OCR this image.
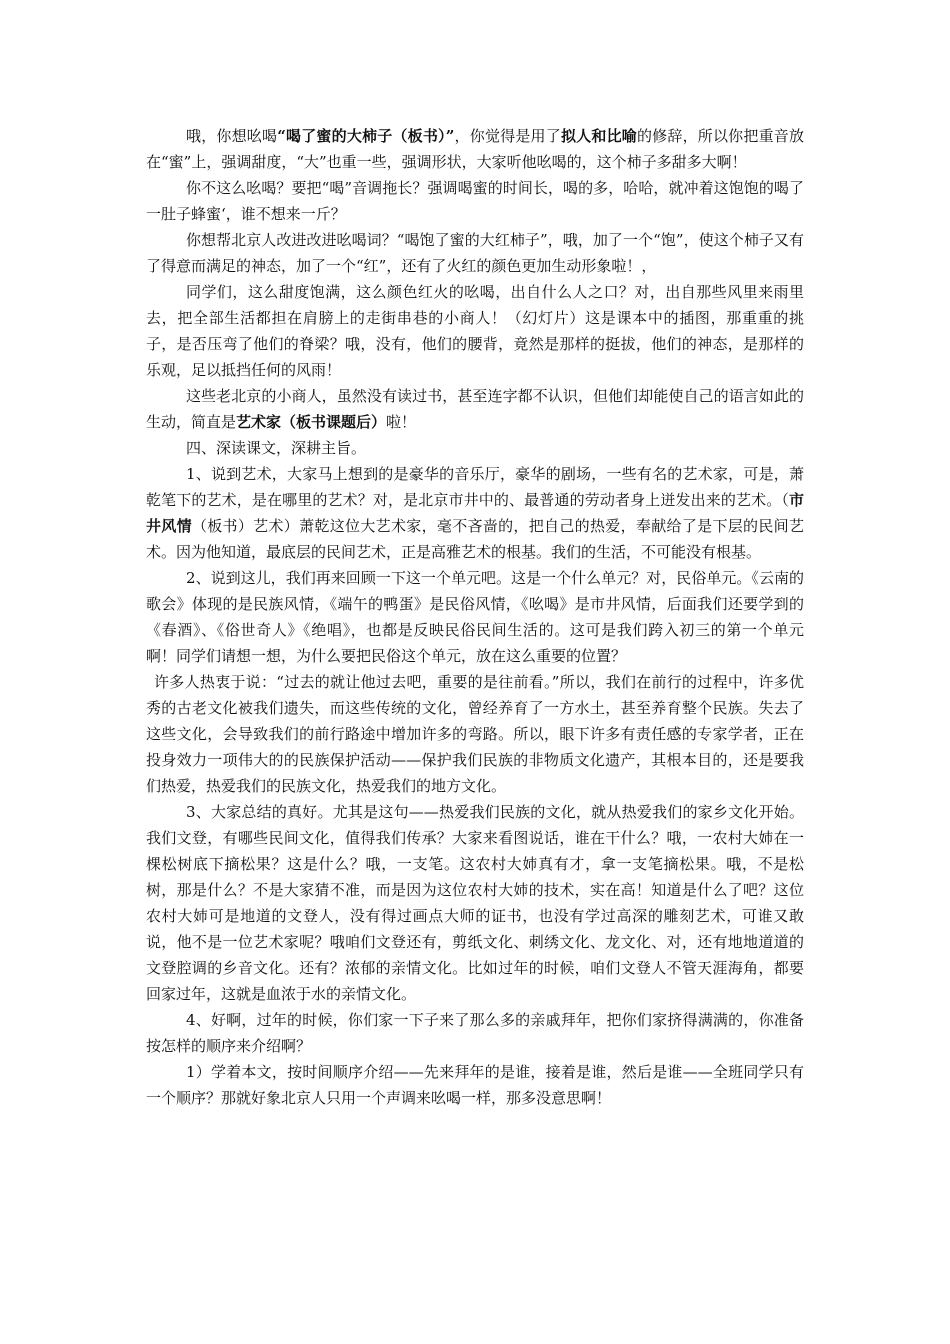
哦，你想吆喝“喝了蜜的大柿子（板书）”，你觉得是用了拟人和比喻的修辞，所以你把重音放在“蜜”上，强调甜度，“大”也重一些，强调形状，大家听他吆喝的，这个柿子多甜多大啊！

你不这么吆喝？要把“喝”音调拖长？强调喝蜜的时间长，喝的多，哈哈，就冲着这饱饱的喝了一肚子蜂蜜‘，谁不想来一斤？

你想帮北京人改进改进吆喝词？“喝饱了蜜的大红柿子”，哦，加了一个“饱”，使这个柿子又有了得意而满足的神态，加了一个“红”，还有了火红的颜色更加生动形象啦！，

同学们，这么甜度饱满，这么颜色红火的吆喝，出自什么人之口？对，出自那些风里来雨里去，把全部生活都担在肩膀上的走街串巷的小商人！（幻灯片）这是课本中的插图，那重重的挑子，是否压弯了他们的脊梁？哦，没有，他们的腰背，竟然是那样的挺拔，他们的神态，是那样的乐观，足以抵挡任何的风雨！

这些老北京的小商人，虽然没有读过书，甚至连字都不认识，但他们却能使自己的语言如此的生动，简直是艺术家（板书课题后）啦！

四、深读课文，深耕主旨。

1、说到艺术，大家马上想到的是豪华的音乐厅，豪华的剧场，一些有名的艺术家，可是，萧乾笔下的艺术，是在哪里的艺术？对，是北京市井中的、最普通的劳动者身上迸发出来的艺术。（市井风情（板书）艺术）萧乾这位大艺术家，毫不吝啬的，把自己的热爱，奉献给了是下层的民间艺术。因为他知道，最底层的民间艺术，正是高雅艺术的根基。我们的生活，不可能没有根基。

2、说到这儿，我们再来回顾一下这一个单元吧。这是一个什么单元？对，民俗单元。《云南的歌会》体现的是民族风情，《端午的鸭蛋》是民俗风情，《吆喝》是市井风情，后面我们还要学到的《春酒》、《俗世奇人》《绝唱》，也都是反映民俗民间生活的。这可是我们跨入初三的第一个单元啊！同学们请想一想，为什么要把民俗这个单元，放在这么重要的位置？

许多人热衷于说：“过去的就让他过去吧，重要的是往前看。”所以，我们在前行的过程中，许多优秀的古老文化被我们遗失，而这些传统的文化，曾经养育了一方水土，甚至养育整个民族。失去了这些文化，会导致我们的前行路途中增加许多的弯路。所以，眼下许多有责任感的专家学者，正在投身效力一项伟大的的民族保护活动——保护我们民族的非物质文化遗产，其根本目的，还是要我们热爱，热爱我们的民族文化，热爱我们的地方文化。

3、大家总结的真好。尤其是这句——热爱我们民族的文化，就从热爱我们的家乡文化开始。我们文登，有哪些民间文化，值得我们传承？大家来看图说话，谁在干什么？哦，一农村大姉在一棵松树底下摘松果？这是什么？哦，一支笔。这农村大姉真有才，拿一支笔摘松果。哦，不是松树，那是什么？不是大家猜不准，而是因为这位农村大姉的技术，实在高！知道是什么了吧？这位农村大姉可是地道的文登人，没有得过画点大师的证书，也没有学过高深的雕刻艺术，可谁又敢说，他不是一位艺术家呢？哦咱们文登还有，剪纸文化、刺绣文化、龙文化、对，还有地地道道的文登腔调的乡音文化。还有？浓郁的亲情文化。比如过年的时候，咱们文登人不管天涯海角，都要回家过年，这就是血浓于水的亲情文化。

4、好啊，过年的时候，你们家一下子来了那么多的亲戚拜年，把你们家挤得满满的，你准备按怎样的顺序来介绍啊？

1）学着本文，按时间顺序介绍——先来拜年的是谁，接着是谁，然后是谁——全班同学只有一个顺序？那就好象北京人只用一个声调来吆喝一样，那多没意思啊！
